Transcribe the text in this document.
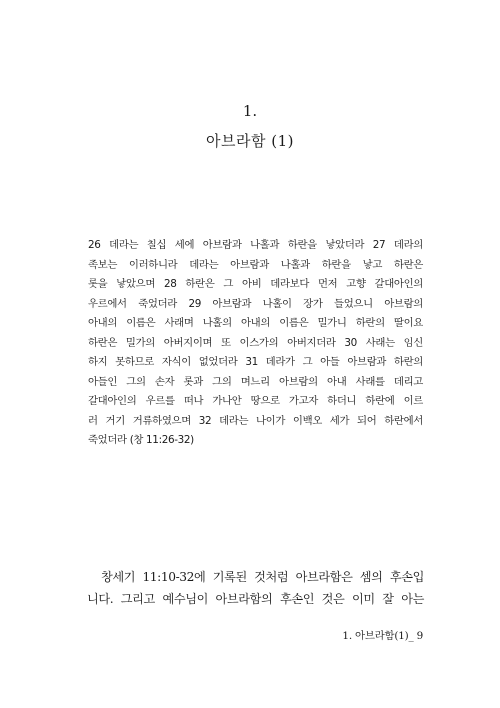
1.
아브라함 (1)
26 데라는 칠십 세에 아브람과 나홀과 하란을 낳았더라 27 데라의
족보는 이러하니라 데라는 아브람과 나홀과 하란을 낳고 하란은
롯을 낳았으며 28 하란은 그 아비 데라보다 먼저 고향 갈대아인의
우르에서 죽었더라 29 아브람과 나홀이 장가 들었으니 아브람의
아내의 이름은 사래며 나홀의 아내의 이름은 밀가니 하란의 딸이요
하란은 밀가의 아버지이며 또 이스가의 아버지더라 30 사래는 임신
하지 못하므로 자식이 없었더라 31 데라가 그 아들 아브람과 하란의
아들인 그의 손자 롯과 그의 며느리 아브람의 아내 사래를 데리고
갈대아인의 우르를 떠나 가나안 땅으로 가고자 하더니 하란에 이르
러 거기 거류하였으며 32 데라는 나이가 이백오 세가 되어 하란에서
죽었더라 (창 11:26-32)
창세기 11:10-32에 기록된 것처럼 아브라함은 셈의 후손입
니다. 그리고 예수님이 아브라함의 후손인 것은 이미 잘 아는
1. 아브라함(1)_ 9
